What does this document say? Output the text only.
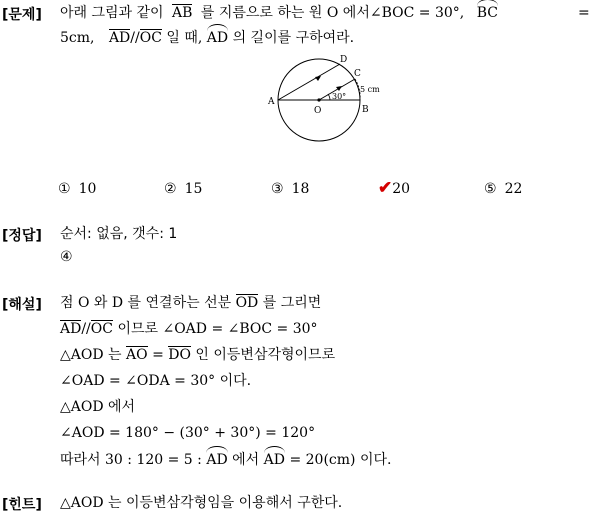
[문제] 아래 그림과 같이 AB 를 지름으로 하는 원 O 에서∠BOC = 30°, BC	=
5cm, AD//OC 일 때, AD 의 길이를 구하여라.
A
B
C
D
O
30°
5 cm
① 10	② 15	③ 18	✔20	⑤ 22
[정답] 순서: 없음, 갯수: 1
④
[해설] 점 O 와 D 를 연결하는 선분 OD 를 그리면
AD//OC 이므로 ∠OAD = ∠BOC = 30°
△AOD 는 AO = DO 인 이등변삼각형이므로
∠OAD = ∠ODA = 30° 이다.
△AOD 에서
∠AOD = 180° − (30° + 30°) = 120°
따라서 30 : 120 = 5 : AD 에서 AD = 20(cm) 이다.
[힌트] △AOD 는 이등변삼각형임을 이용해서 구한다.
